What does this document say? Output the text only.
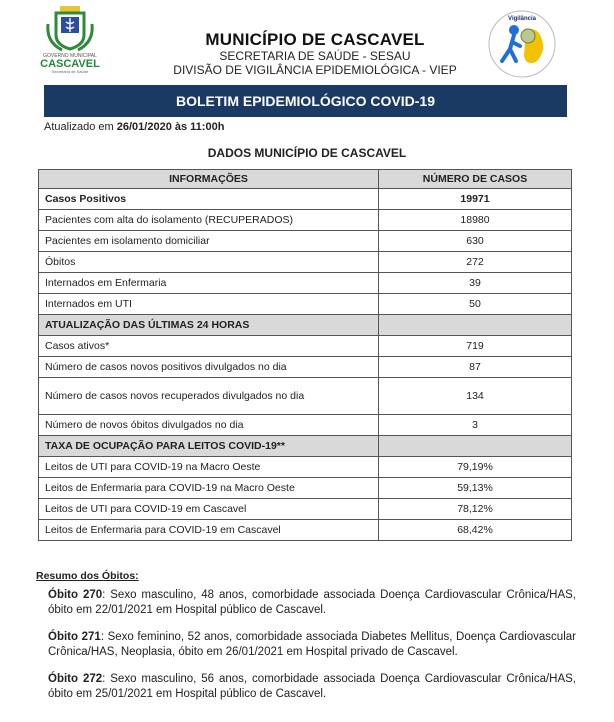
GOVERNO MUNICIPAL
CASCAVEL
Secretaria de Saúde
MUNICÍPIO DE CASCAVEL
SECRETARIA DE SAÚDE - SESAU
DIVISÃO DE VIGILÂNCIA EPIDEMIOLÓGICA - VIEP
Vigilância
BOLETIM EPIDEMIOLÓGICO COVID-19
Atualizado em 26/01/2020 às 11:00h
DADOS MUNICÍPIO DE CASCAVEL
INFORMAÇÕES	NÚMERO DE CASOS
Casos Positivos	19971
Pacientes com alta do isolamento (RECUPERADOS)	18980
Pacientes em isolamento domiciliar	630
Óbitos	272
Internados em Enfermaria	39
Internados em UTI	50
ATUALIZAÇÃO DAS ÚLTIMAS 24 HORAS	
Casos ativos*	719
Número de casos novos positivos divulgados no dia	87
Número de casos novos recuperados divulgados no dia	134
Número de novos óbitos divulgados no dia	3
TAXA DE OCUPAÇÃO PARA LEITOS COVID-19**	
Leitos de UTI para COVID-19 na Macro Oeste	79,19%
Leitos de Enfermaria para COVID-19 na Macro Oeste	59,13%
Leitos de UTI para COVID-19 em Cascavel	78,12%
Leitos de Enfermaria para COVID-19 em Cascavel	68,42%
Resumo dos Óbitos:

Óbito 270: Sexo masculino, 48 anos, comorbidade associada Doença Cardiovascular Crônica/HAS, óbito em 22/01/2021 em Hospital público de Cascavel.

Óbito 271: Sexo feminino, 52 anos, comorbidade associada Diabetes Mellitus, Doença Cardiovascular Crônica/HAS, Neoplasia, óbito em 26/01/2021 em Hospital privado de Cascavel.

Óbito 272: Sexo masculino, 56 anos, comorbidade associada Doença Cardiovascular Crônica/HAS, óbito em 25/01/2021 em Hospital público de Cascavel.
